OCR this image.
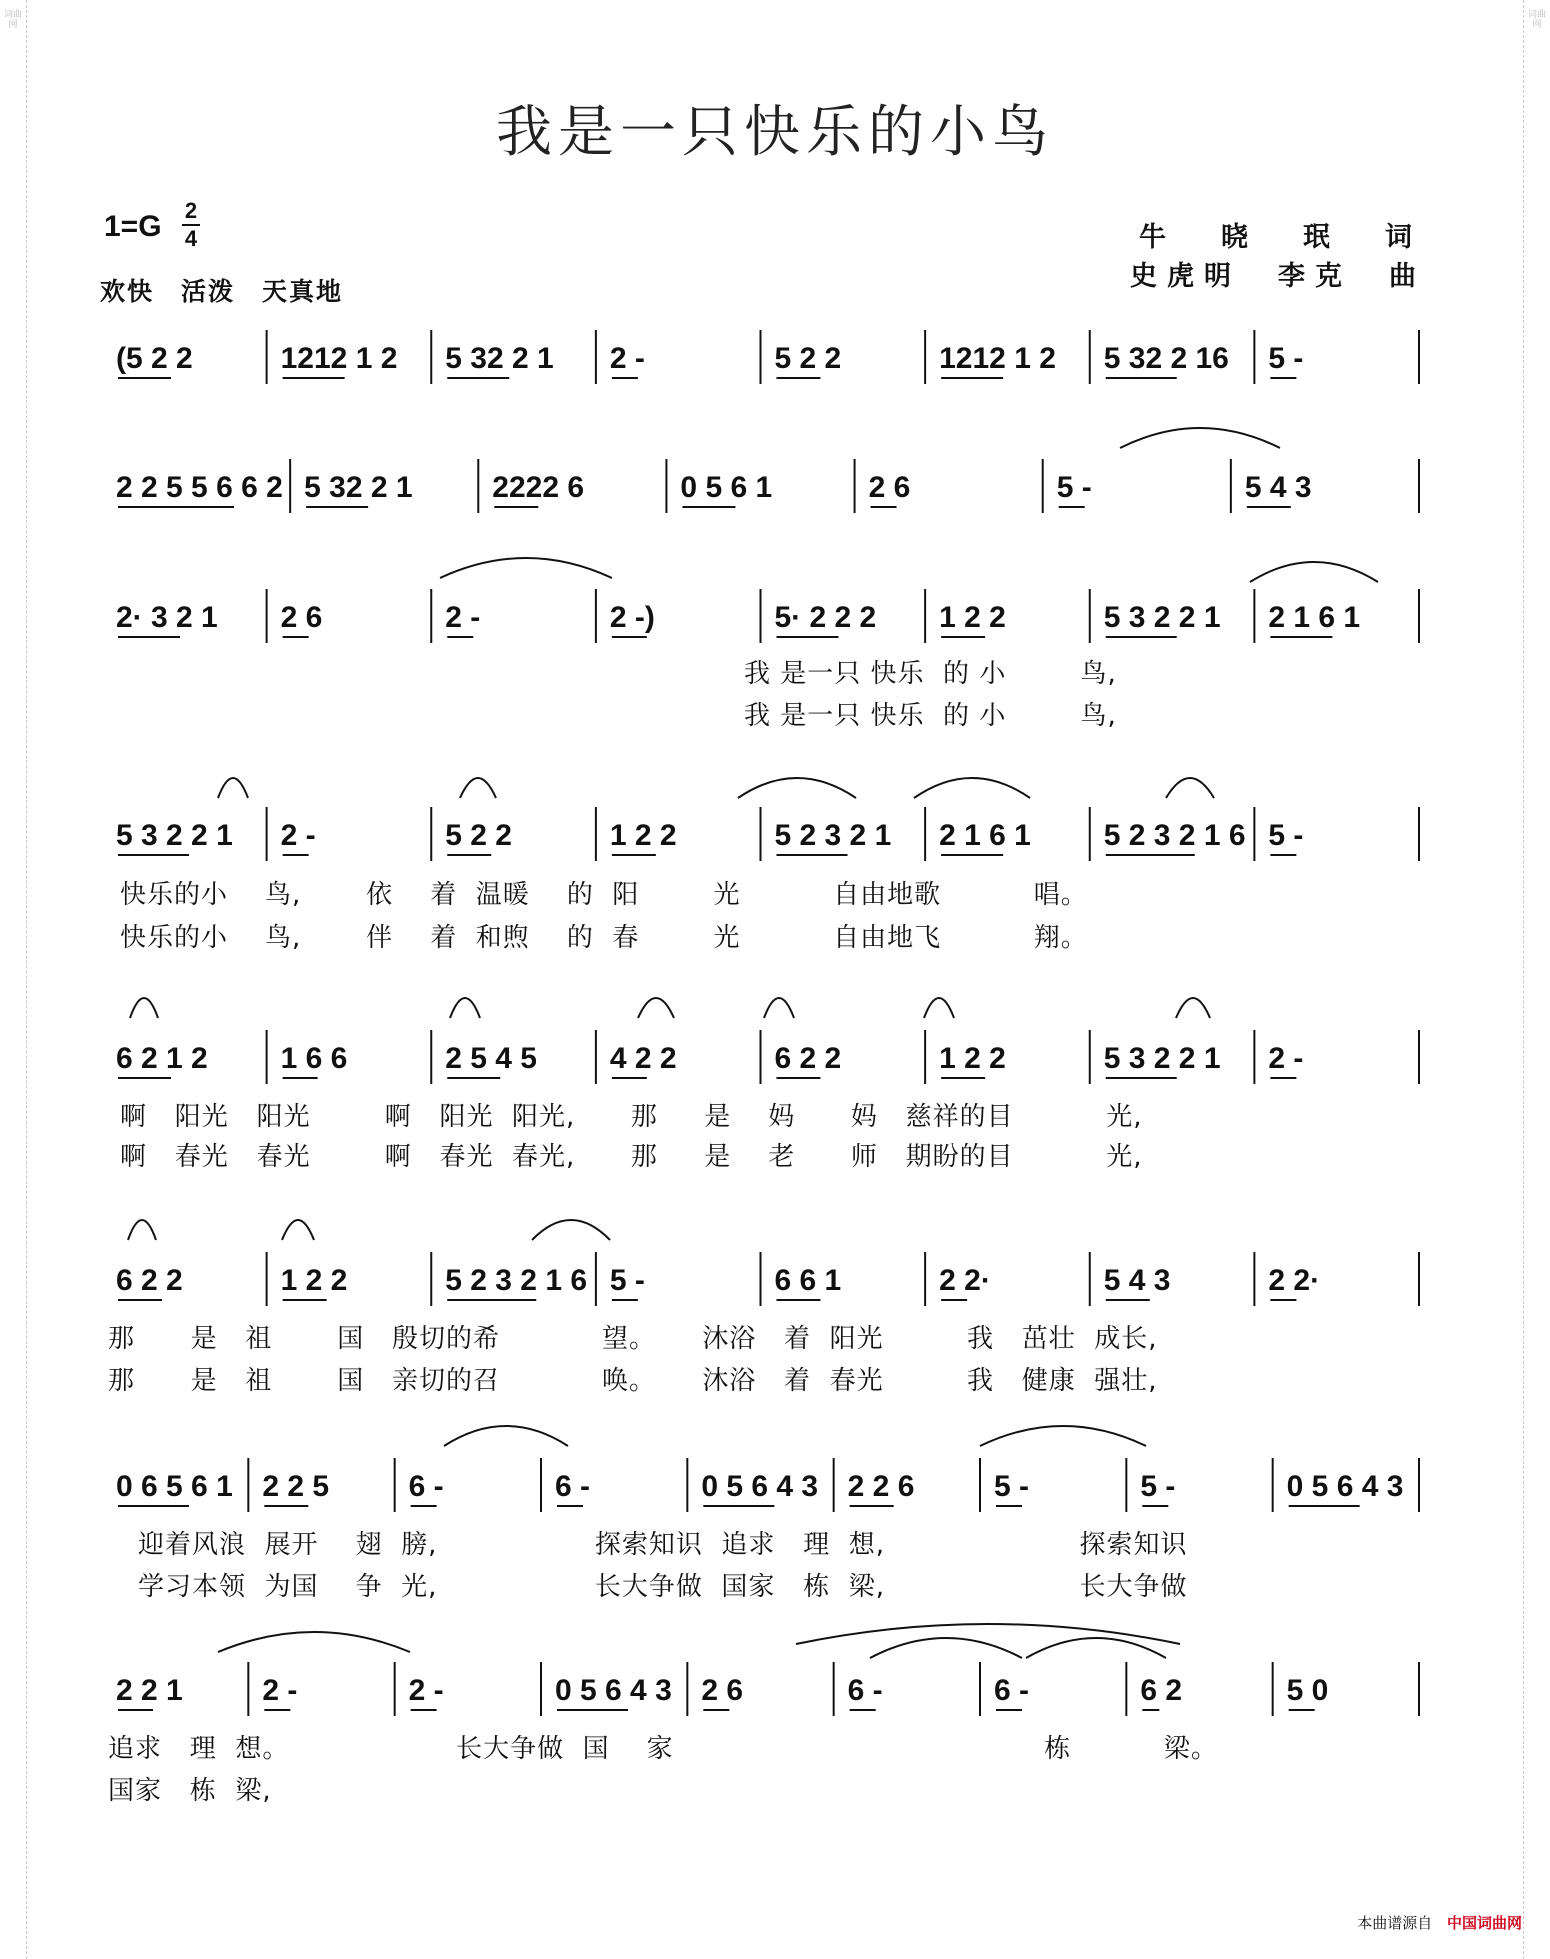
词曲网
词曲网
我是一只快乐的小鸟
1=G 2
4
欢快　活泼　天真地
牛　晓　珉　词
史虎明　李克　曲
(5 2 2	1212 1 2 5 32 2 1 2 -	5 2 2	1212 1 2 5 32 2 16 5 -
2 2 5 5 6 6 2 5 32 2 1	2222 6	0 5 6 1	2 6	5 -	5 4 3
2· 3 2 1 2 6	2 -	2 -)	5· 2 2 2 1 2 2	5 3 2 2 1 2 1 6 1
5 3 2 2 1 2 -	5 2 2	1 2 2	5 2 3 2 1 2 1 6 1 5 2 3 2 1 6 5 -
6 2 1 2 1 6 6	2 5 4 5 4 2 2	6 2 2	1 2 2	5 3 2 2 1 2 -
6 2 2	1 2 2	5 2 3 2 1 6 5 -	6 6 1	2 2·	5 4 3	2 2·
0 6 5 6 1 2 2 5	6 -	6 -	0 5 6 4 3 2 2 6	5 -	5 -	0 5 6 4 3
2 2 1	2 -	2 -	0 5 6 4 3 2 6	6 -	6 -	6 2	5 0
我 是一只 快乐  的 小        鸟,
我 是一只 快乐  的 小        鸟,
快乐的小    鸟,       依    着  温暖    的  阳        光          自由地歌          唱。
快乐的小    鸟,       伴    着  和煦    的  春        光          自由地飞          翔。
啊   阳光   阳光        啊   阳光  阳光,      那     是    妈      妈   慈祥的目          光,
啊   春光   春光        啊   春光  春光,      那     是    老      师   期盼的目          光,
那      是   祖       国   殷切的希           望。     沐浴   着  阳光         我   茁壮  成长,
那      是   祖       国   亲切的召           唤。     沐浴   着  春光         我   健康  强壮,
迎着风浪  展开    翅  膀,                 探索知识  追求   理  想,                     探索知识
学习本领  为国    争  光,                 长大争做  国家   栋  梁,                     长大争做
追求   理  想。                  长大争做  国    家                                        栋          梁。
国家   栋  梁,
本曲谱源自 中国词曲网
